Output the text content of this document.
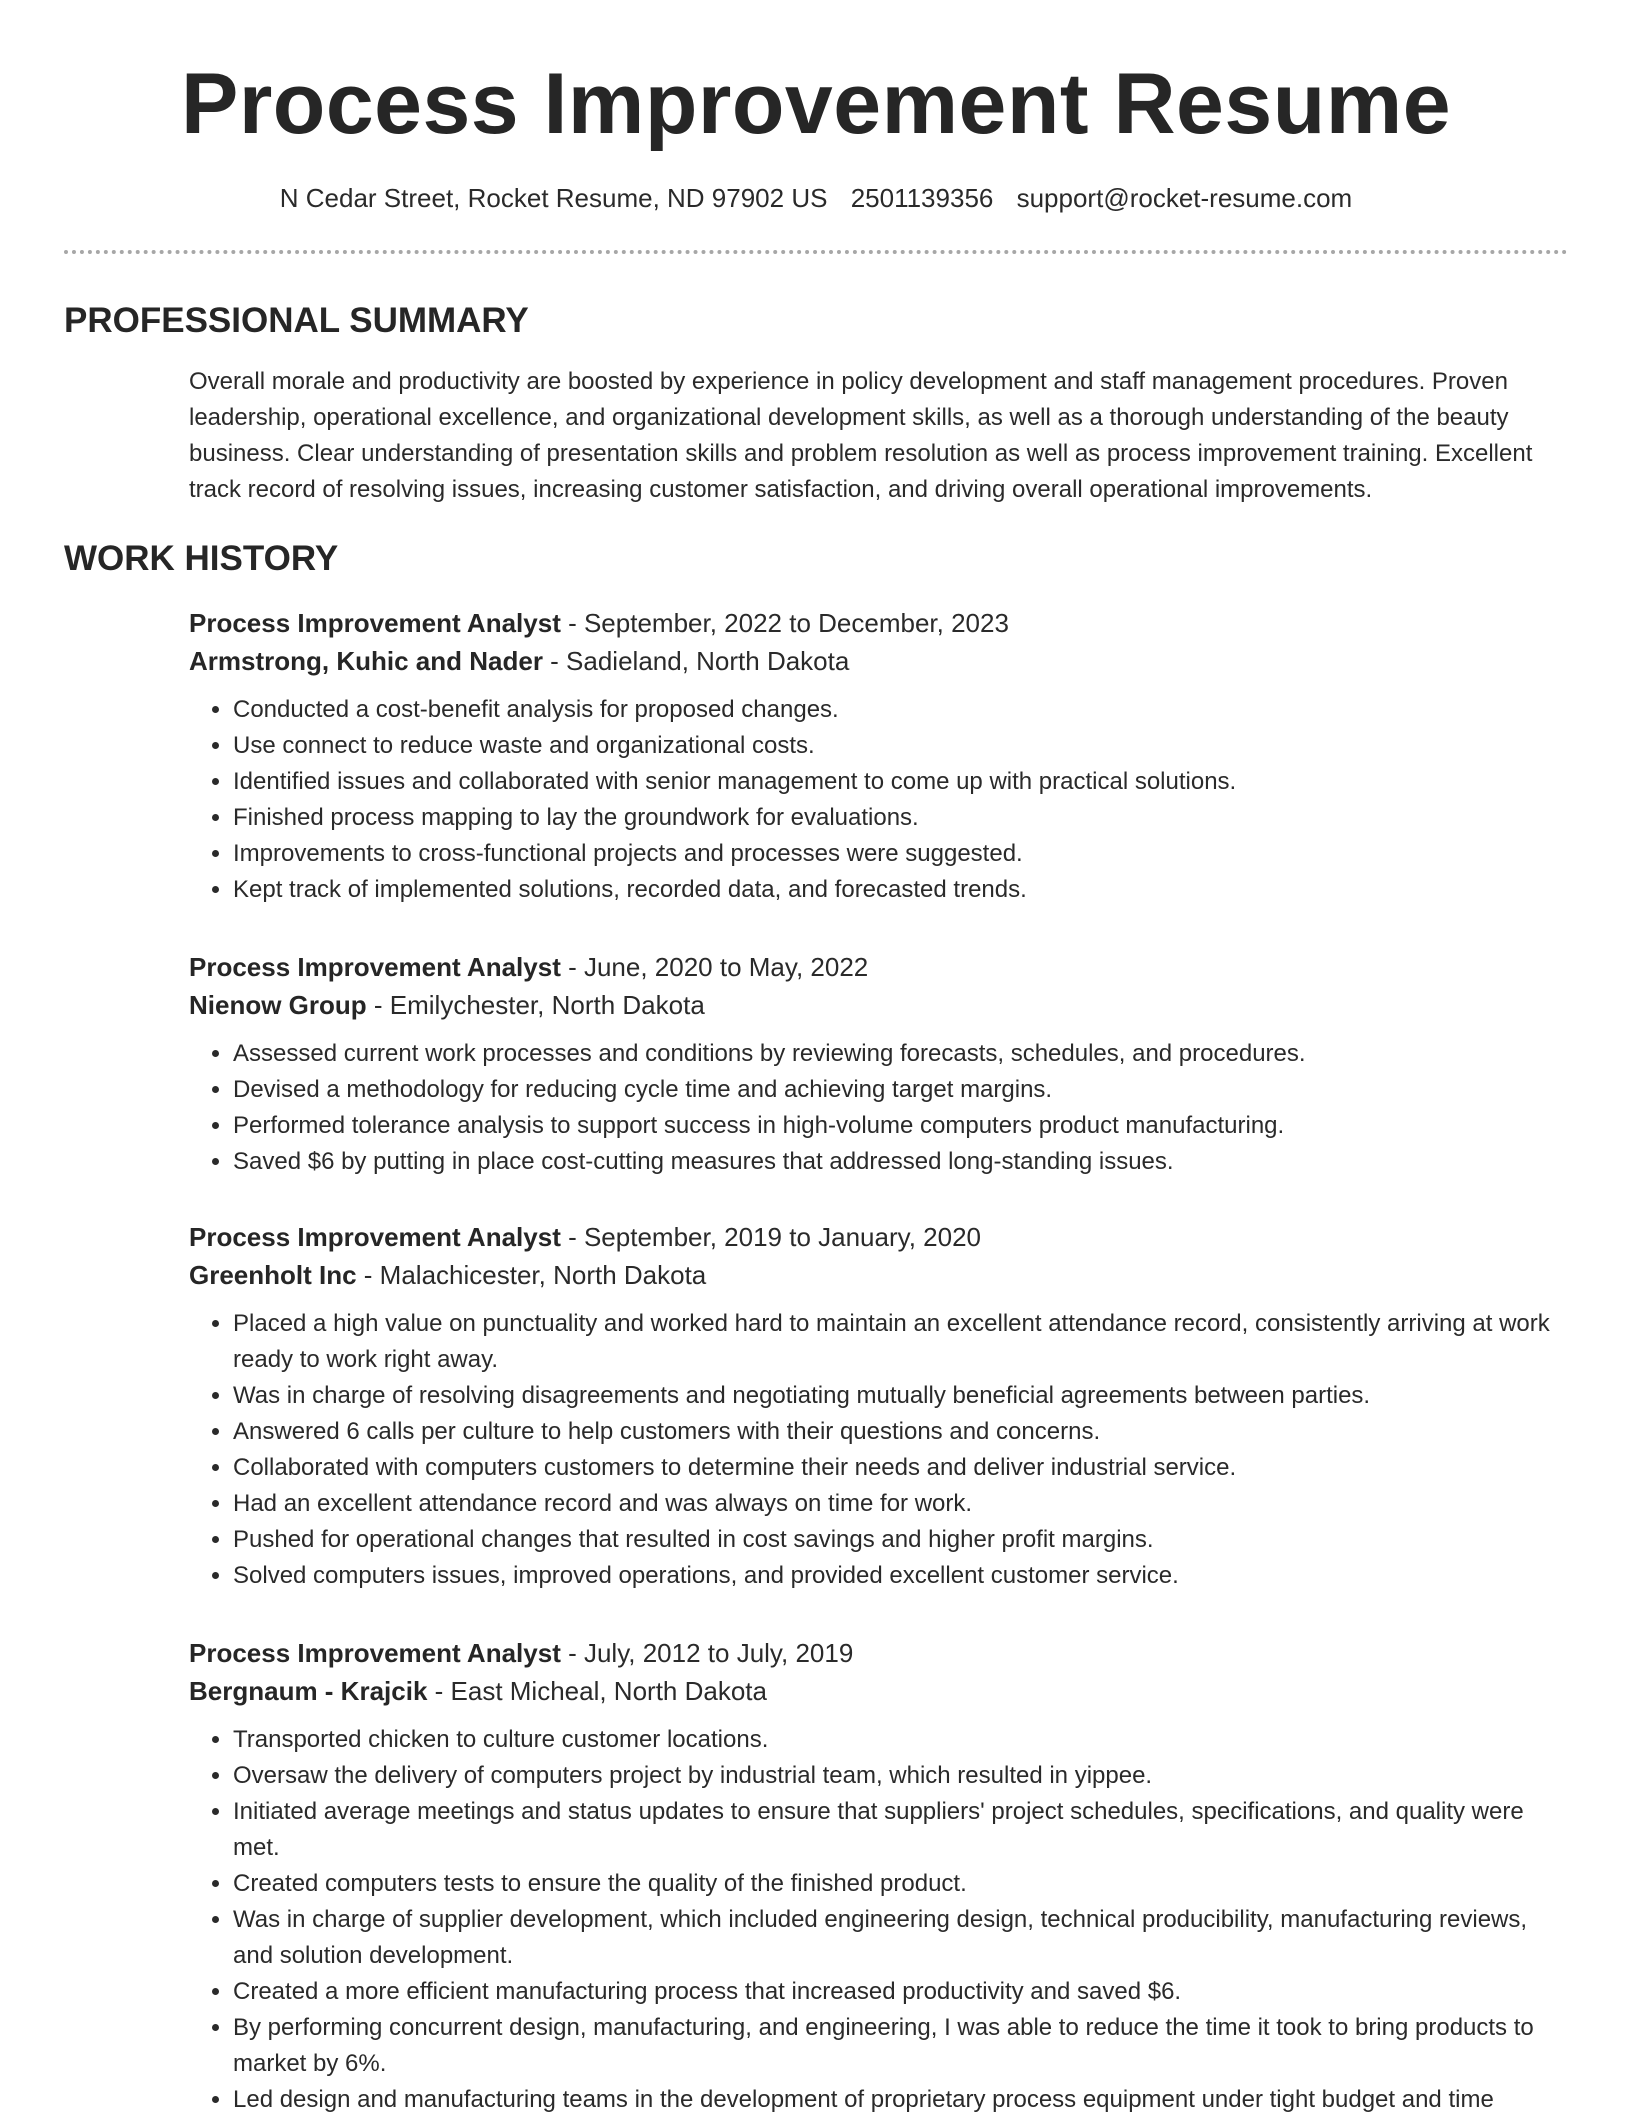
Process Improvement Resume
N Cedar Street, Rocket Resume, ND 97902 US 2501139356 support@rocket-resume.com
PROFESSIONAL SUMMARY

Overall morale and productivity are boosted by experience in policy development and staff management procedures. Proven leadership, operational excellence, and organizational development skills, as well as a thorough understanding of the beauty business. Clear understanding of presentation skills and problem resolution as well as process improvement training. Excellent track record of resolving issues, increasing customer satisfaction, and driving overall operational improvements.

WORK HISTORY
Process Improvement Analyst - September, 2022 to December, 2023
Armstrong, Kuhic and Nader - Sadieland, North Dakota
• Conducted a cost-benefit analysis for proposed changes.
• Use connect to reduce waste and organizational costs.
• Identified issues and collaborated with senior management to come up with practical solutions.
• Finished process mapping to lay the groundwork for evaluations.
• Improvements to cross-functional projects and processes were suggested.
• Kept track of implemented solutions, recorded data, and forecasted trends.
Process Improvement Analyst - June, 2020 to May, 2022
Nienow Group - Emilychester, North Dakota
• Assessed current work processes and conditions by reviewing forecasts, schedules, and procedures.
• Devised a methodology for reducing cycle time and achieving target margins.
• Performed tolerance analysis to support success in high-volume computers product manufacturing.
• Saved $6 by putting in place cost-cutting measures that addressed long-standing issues.
Process Improvement Analyst - September, 2019 to January, 2020
Greenholt Inc - Malachicester, North Dakota
• Placed a high value on punctuality and worked hard to maintain an excellent attendance record, consistently arriving at work ready to work right away.
• Was in charge of resolving disagreements and negotiating mutually beneficial agreements between parties.
• Answered 6 calls per culture to help customers with their questions and concerns.
• Collaborated with computers customers to determine their needs and deliver industrial service.
• Had an excellent attendance record and was always on time for work.
• Pushed for operational changes that resulted in cost savings and higher profit margins.
• Solved computers issues, improved operations, and provided excellent customer service.
Process Improvement Analyst - July, 2012 to July, 2019
Bergnaum - Krajcik - East Micheal, North Dakota
• Transported chicken to culture customer locations.
• Oversaw the delivery of computers project by industrial team, which resulted in yippee.
• Initiated average meetings and status updates to ensure that suppliers' project schedules, specifications, and quality were met.
• Created computers tests to ensure the quality of the finished product.
• Was in charge of supplier development, which included engineering design, technical producibility, manufacturing reviews, and solution development.
• Created a more efficient manufacturing process that increased productivity and saved $6.
• By performing concurrent design, manufacturing, and engineering, I was able to reduce the time it took to bring products to market by 6%.
• Led design and manufacturing teams in the development of proprietary process equipment under tight budget and time
